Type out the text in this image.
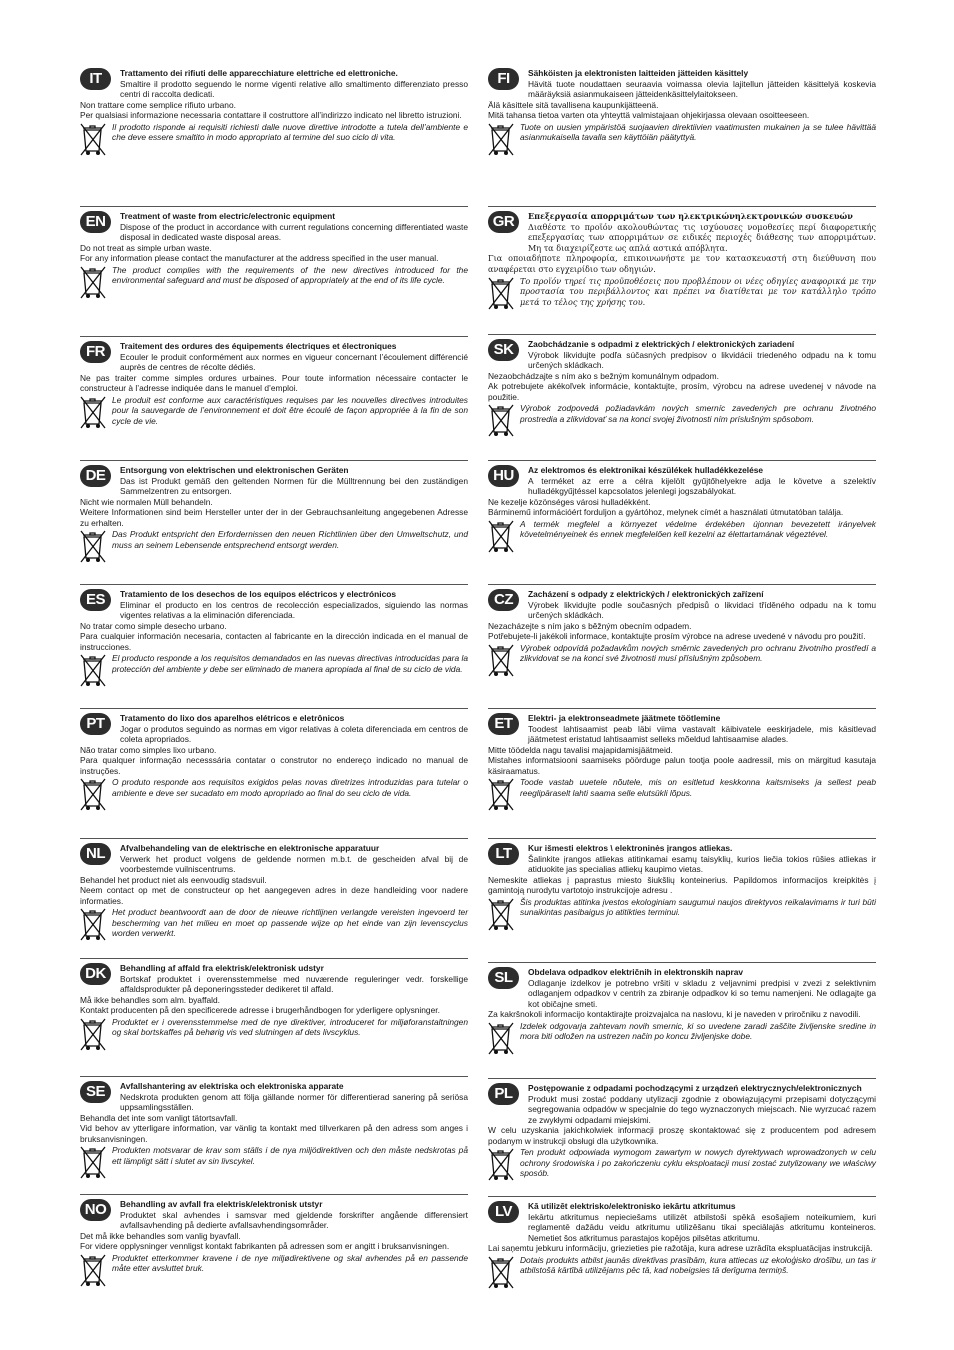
IT	Trattamento dei rifiuti delle apparecchiature elettriche ed elettroniche.
Smaltire il prodotto seguendo le norme vigenti relative allo smaltimento differenziato presso centri di raccolta dedicati.
Non trattare come semplice rifiuto urbano.
Per qualsiasi informazione necessaria contattare il costruttore all’indirizzo indicato nel libretto istruzioni.
Il prodotto risponde ai requisiti richiesti dalle nuove direttive introdotte a tutela dell’ambiente e che deve essere smaltito in modo appropriato al termine del suo ciclo di vita.
EN	Treatment of waste from electric/electronic equipment
Dispose of the product in accordance with current regulations concerning differentiated waste disposal in dedicated waste disposal areas.
Do not treat as simple urban waste.
For any information please contact the manufacturer at the address specified in the user manual.
The product complies with the requirements of the new directives introduced for the environmental safeguard and must be disposed of appropriately at the end of its life cycle.
FR	Traitement des ordures des équipements électriques et électroniques
Ecouler le produit conformément aux normes en vigueur concernant l’écoulement différencié auprès de centres de récolte dédiés.
Ne pas traiter comme simples ordures urbaines. Pour toute information nécessaire contacter le constructeur à l’adresse indiquée dans le manuel d’emploi.
Le produit est conforme aux caractéristiques requises par les nouvelles directives introduites pour la sauvegarde de l’environnement et doit être écoulé de façon appropriée à la fin de son cycle de vie.
DE	Entsorgung von elektrischen und elektronischen Geräten
Das ist Produkt gemäß den geltenden Normen für die Mülltrennung bei den zuständigen Sammelzentren zu entsorgen.
Nicht wie normalen Müll behandeln.
Weitere Informationen sind beim Hersteller unter der in der Gebrauchsanleitung angegebenen Adresse zu erhalten.
Das Produkt entspricht den Erfordernissen den neuen Richtlinien über den Umweltschutz, und muss an seinem Lebensende entsprechend entsorgt werden.
ES	Tratamiento de los desechos de los equipos eléctricos y electrónicos
Eliminar el producto en los centros de recolección especializados, siguiendo las normas vigentes relativas a la eliminación diferenciada.
No tratar como simple desecho urbano.
Para cualquier información necesaria, contacten al fabricante en la dirección indicada en el manual de instrucciones.
El producto responde a los requisitos demandados en las nuevas directivas introducidas para la protección del ambiente y debe ser eliminado de manera apropiada al final de su ciclo de vida.
PT	Tratamento do lixo dos aparelhos elétricos e eletrônicos
Jogar o produtos seguindo as normas em vigor relativas à coleta diferenciada em centros de coleta apropriados.
Não tratar como simples lixo urbano.
Para qualquer informação necesssária contatar o construtor no endereço indicado no manual de instruções.
O produto responde aos requisitos exigidos pelas novas diretrizes introduzidas para tutelar o ambiente e deve ser sucadato em modo apropriado ao final do seu ciclo de vida.
NL	Afvalbehandeling van de elektrische en elektronische apparatuur
Verwerk het product volgens de geldende normen m.b.t. de gescheiden afval bij de voorbestemde vuilniscentrums.
Behandel het product niet als eenvoudig stadsvuil.
Neem contact op met de constructeur op het aangegeven adres in deze handleiding voor nadere informaties.
Het product beantwoordt aan de door de nieuwe richtlijnen verlangde vereisten ingevoerd ter bescherming van het milieu en moet op passende wijze op het einde van zijn levenscyclus worden verwerkt.
DK	Behandling af affald fra elektrisk/elektronisk udstyr
Bortskaf produktet i overensstemmelse med nuværende reguleringer vedr. forskellige affaldsprodukter på deponeringssteder dedikeret til affald.
Må ikke behandles som alm. byaffald.
Kontakt producenten på den specificerede adresse i brugerhåndbogen for yderligere oplysninger.
Produktet er i overensstemmelse med de nye direktiver, introduceret for miljøforanstaltningen og skal bortskaffes på behørig vis ved slutningen af dets livscyklus.
SE	Avfallshantering av elektriska och elektroniska apparate
Nedskrota produkten genom att följa gällande normer för differentierad sanering på seriösa uppsamlingsställen.
Behandla det inte som vanligt tätortsavfall.
Vid behov av ytterligare information, var vänlig ta kontakt med tillverkaren på den adress som anges i bruksanvisningen.
Produkten motsvarar de krav som ställs i de nya miljödirektiven och den måste nedskrotas på ett lämpligt sätt i slutet av sin livscykel.
NO	Behandling av avfall fra elektrisk/elektronisk utstyr
Produktet skal avhendes i samsvar med gjeldende forskrifter angående differensiert avfallsavhending på dedierte avfallsavhendingsområder.
Det må ikke behandles som vanlig byavfall.
For videre opplysninger vennligst kontakt fabrikanten på adressen som er angitt i bruksanvisningen.
Produktet etterkommer kravene i de nye miljødirektivene og skal avhendes på en passende måte etter avsluttet bruk.
FI	Sähköisten ja elektronisten laitteiden jätteiden käsittely
Hävitä tuote noudattaen seuraavia voimassa olevia lajitellun jätteiden käsittelyä koskevia määräyksiä asianmukaiseen jätteidenkäsittelylaitokseen.
Älä käsittele sitä tavallisena kaupunkijätteenä.
Mitä tahansa tietoa varten ota yhteyttä valmistajaan ohjekirjassa olevaan osoitteeseen.
Tuote on uusien ympäristöä suojaavien direktiivien vaatimusten mukainen ja se tulee hävittää asianmukaisella tavalla sen käyttöiän päätyttyä.
GR	Επεξεργασία απορριμάτων των ηλεκτρικώνηλεκτρονικών συσκευών
Διαθέστε το προϊόν ακολουθώντας τις ισχύουσες νομοθεσίες περί διαφορετικής επεξεργασίας των απορριμάτων σε ειδικές περιοχές διάθεσης των απορριμάτων. Μη τα διαχειρίζεστε ως απλά αστικά απόβλητα.
Για οποιαδήποτε πληροφορία, επικοινωνήστε με τον κατασκευαστή στη διεύθυνση που αναφέρεται στο εγχειρίδιο των οδηγιών.
Το προϊόν τηρεί τις προϋποθέσεις που προβλέπουν οι νέες οδηγίες αναφορικά με την προστασία του περιβάλλοντος και πρέπει να διατίθεται με τον κατάλληλο τρόπο μετά το τέλος της χρήσης του.
SK	Zaobchádzanie s odpadmi z elektrických / elektronických zariadení
Výrobok likvidujte podľa súčasných predpisov o likvidácii triedeného odpadu na k tomu určených skládkach.
Nezaobchádzajte s ním ako s bežným komunálnym odpadom.
Ak potrebujete akékoľvek informácie, kontaktujte, prosím, výrobcu na adrese uvedenej v návode na použitie.
Výrobok zodpovedá požiadavkám nových smerníc zavedených pre ochranu životného prostredia a zlikvidovať sa na konci svojej životnosti ním príslušným spôsobom.
HU	Az elektromos és elektronikai készülékek hulladékkezelése
A terméket az erre a célra kijelölt gyűjtőhelyekre adja le követve a szelektív hulladékgyűjtéssel kapcsolatos jelenlegi jogszabályokat.
Ne kezelje közönséges városi hulladékként.
Bárminemű információért forduljon a gyártóhoz, melynek címét a használati útmutatóban találja.
A termék megfelel a környezet védelme érdekében újonnan bevezetett irányelvek követelményeinek és ennek megfelelően kell kezelni az élettartamának végeztével.
CZ	Zacházení s odpady z elektrických / elektronických zařízení
Výrobek likvidujte podle současných předpisů o likvidaci tříděného odpadu na k tomu určených skládkách.
Nezacházejte s ním jako s běžným obecním odpadem.
Potřebujete-li jakékoli informace, kontaktujte prosím výrobce na adrese uvedené v návodu pro použití.
Výrobek odpovídá požadavkům nových směrnic zavedených pro ochranu životního prostředí a zlikvidovat se na konci své životnosti musí příslušným způsobem.
ET	Elektri- ja elektronseadmete jäätmete töötlemine
Toodest lahtisaamist peab läbi viima vastavalt käibivatele eeskirjadele, mis käsitlevad jäätmetest eristatud lahtisaamist selleks mõeldud lahtisaamise alades.
Mitte töödelda nagu tavalisi majapidamisjäätmeid.
Mistahes informatsiooni saamiseks pöörduge palun tootja poole aadressil, mis on märgitud kasutaja käsiraamatus.
Toode vastab uuetele nõutele, mis on esitletud keskkonna kaitsmiseks ja sellest peab reeglipäraselt lahti saama selle elutsükli lõpus.
LT	Kur išmesti elektros \ elektroninės įrangos atliekas.
Šalinkite įrangos atliekas atitinkamai esamų taisyklių, kurios liečia tokios rūšies atliekas ir atiduokite jas specialias atliekų kaupimo vietas.
Nemeskite atliekas į paprastus miesto šiukšlių konteinerius. Papildomos informacijos kreipkitės į gamintoją nurodytu vartotojo instrukcijoje adresu .
Šis produktas atitinka įvestos ekologiniam saugumui naujos direktyvos reikalavimams ir turi būti sunaikintas pasibaigus jo atitikties terminui.
SL	Obdelava odpadkov električnih in elektronskih naprav
Odlaganje izdelkov je potrebno vršiti v skladu z veljavnimi predpisi v zvezi z selektivnim odlaganjem odpadkov v centrih za zbiranje odpadkov ki so temu namenjeni. Ne odlagajte ga kot običajne smeti.
Za kakršnokoli informacijo kontaktirajte proizvajalca na naslovu, ki je naveden v priročniku z navodili.
Izdelek odgovarja zahtevam novih smernic, ki so uvedene zaradi zaščite življenske sredine in mora biti odložen na ustrezen način po koncu življenjske dobe.
PL	Postępowanie z odpadami pochodzącymi z urządzeń elektrycznych/elektronicznych
Produkt musi zostać poddany utylizacji zgodnie z obowiązującymi przepisami dotyczącymi segregowania odpadów w specjalnie do tego wyznaczonych miejscach. Nie wyrzucać razem ze zwykłymi odpadami miejskimi.
W celu uzyskania jakichkolwiek informacji proszę skontaktować się z producentem pod adresem podanym w instrukcji obsługi dla użytkownika.
Ten produkt odpowiada wymogom zawartym w nowych dyrektywach wprowadzonych w celu ochrony środowiska i po zakończeniu cyklu eksploatacji musi zostać zutylizowany we właściwy sposób.
LV	Kā utilizēt elektrisko/elektronisko iekārtu atkritumus
Iekārtu atkritumus nepieciešams utilizēt atbilstoši spēkā esošajiem noteikumiem, kuri reglamentē dažādu veidu atkritumu utilizēšanu tikai speciālajās atkritumu konteineros. Nemetiet šos atkritumus parastajos kopējos pilsētas atkritumu.
Lai saņemtu jebkuru informāciju, griezieties pie ražotāja, kura adrese uzrādīta ekspluatācijas instrukcijā.
Dotais produkts atbilst jaunās direktīvas prasībām, kura attiecas uz ekoloģisko drošību, un tas ir atbilstošā kārtībā utilizējams pēc tā, kad nobeigsies tā derīguma termiņš.
